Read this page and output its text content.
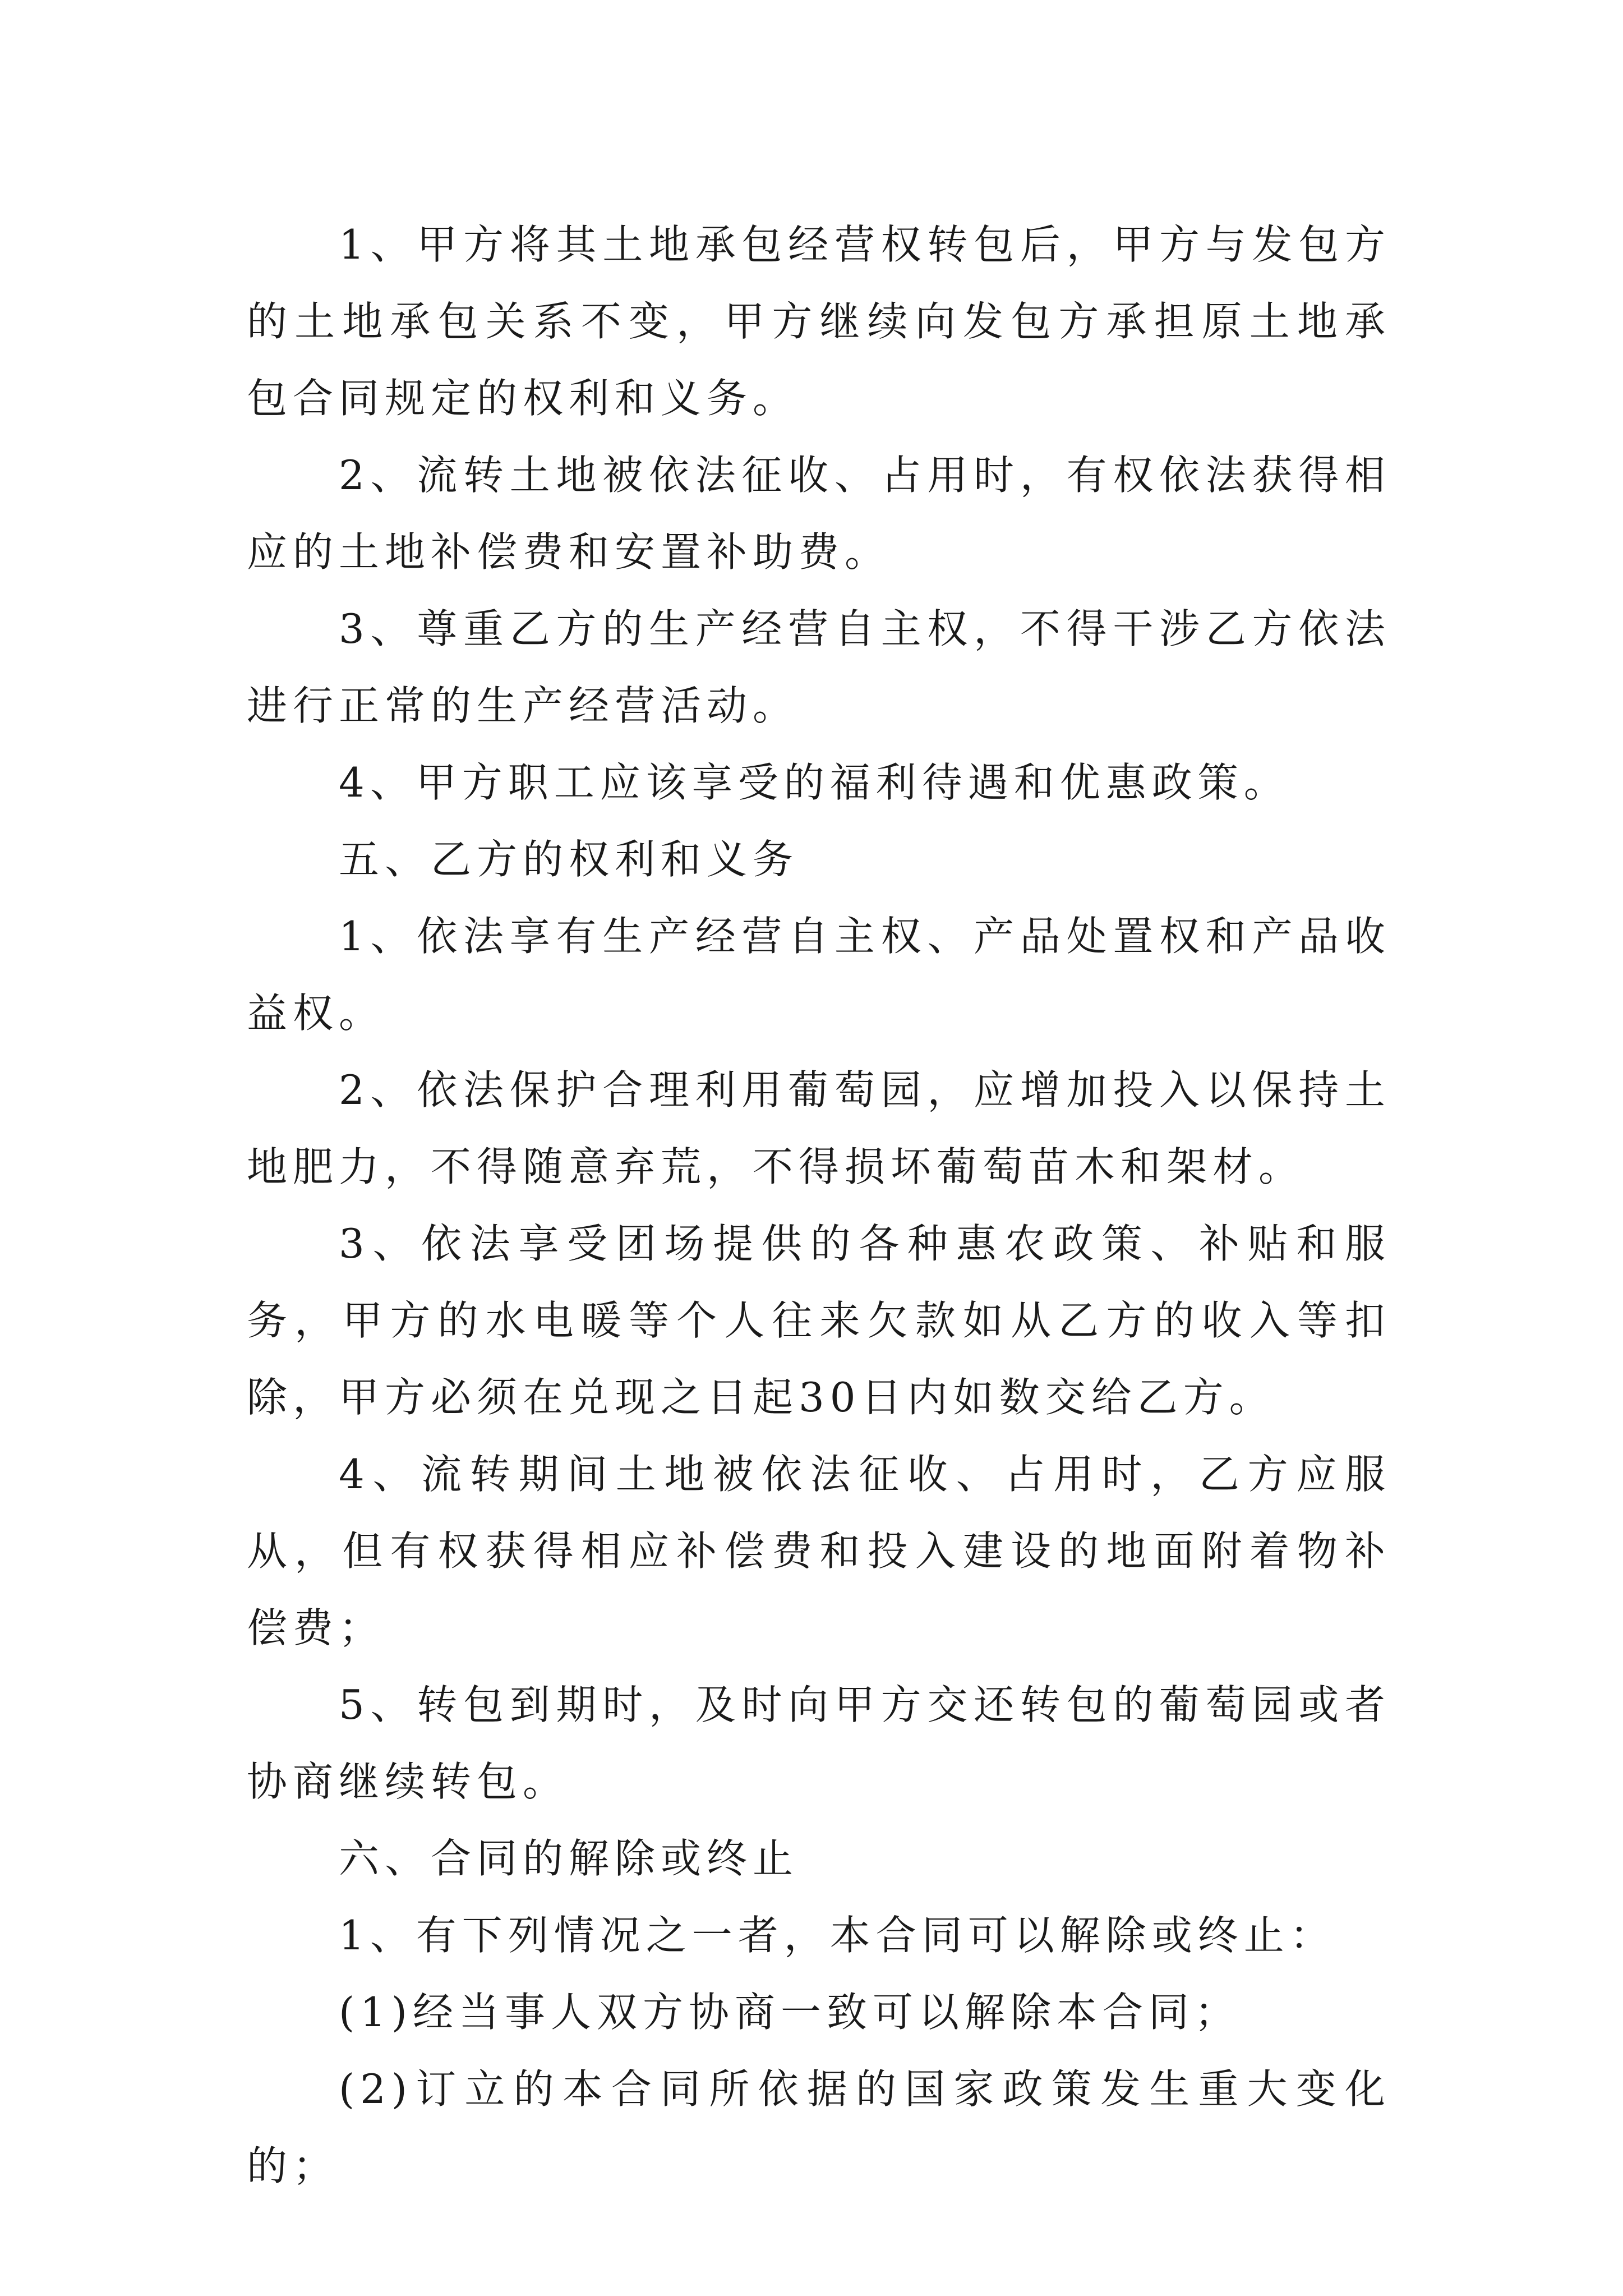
1、甲方将其土地承包经营权转包后，甲方与发包方的土地承包关系不变，甲方继续向发包方承担原土地承包合同规定的权利和义务。

2、流转土地被依法征收、占用时，有权依法获得相应的土地补偿费和安置补助费。

3、尊重乙方的生产经营自主权，不得干涉乙方依法进行正常的生产经营活动。

4、甲方职工应该享受的福利待遇和优惠政策。

五、乙方的权利和义务

1、依法享有生产经营自主权、产品处置权和产品收益权。

2、依法保护合理利用葡萄园，应增加投入以保持土地肥力，不得随意弃荒，不得损坏葡萄苗木和架材。

3、依法享受团场提供的各种惠农政策、补贴和服务，甲方的水电暖等个人往来欠款如从乙方的收入等扣除，甲方必须在兑现之日起30日内如数交给乙方。

4、流转期间土地被依法征收、占用时，乙方应服从，但有权获得相应补偿费和投入建设的地面附着物补偿费；

5、转包到期时，及时向甲方交还转包的葡萄园或者协商继续转包。

六、合同的解除或终止

1、有下列情况之一者，本合同可以解除或终止：

(1)经当事人双方协商一致可以解除本合同；

(2)订立的本合同所依据的国家政策发生重大变化的；
